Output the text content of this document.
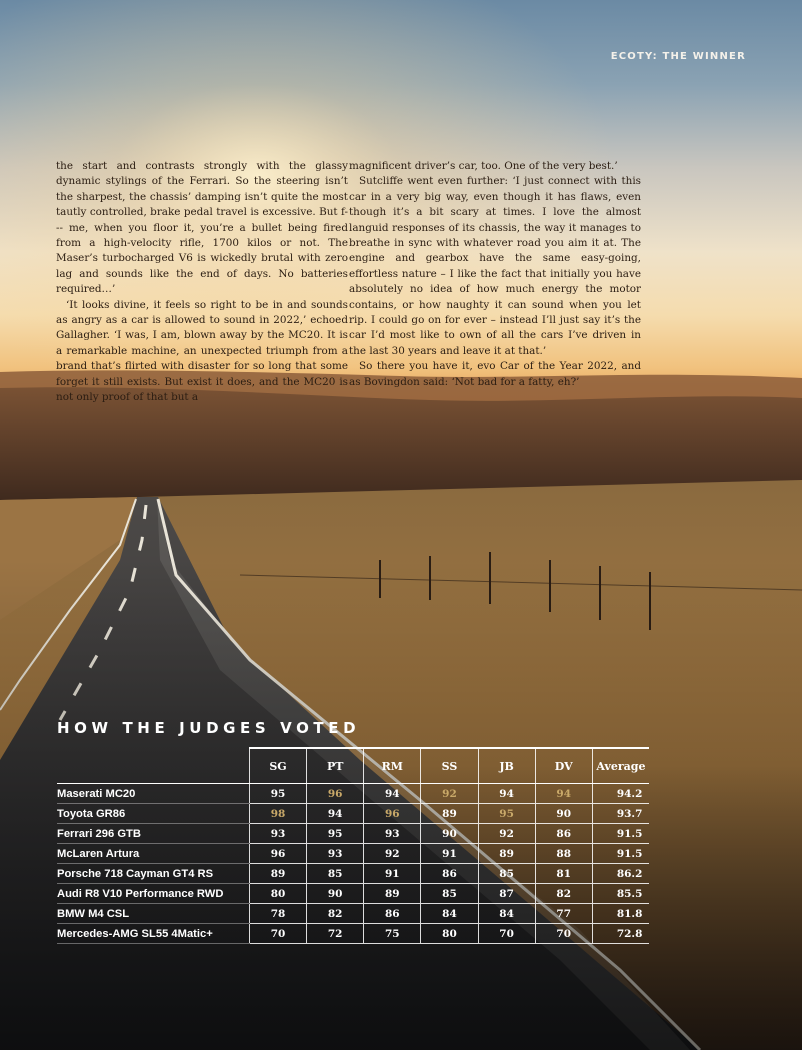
ECOTY: THE WINNER

the start and contrasts strongly with the glassy dynamic stylings of the Ferrari. So the steering isn’t the sharpest, the chassis’ damping isn’t quite the most tautly controlled, brake pedal travel is excessive. But f--- me, when you floor it, you’re a bullet being fired from a high-velocity rifle, 1700 kilos or not. The Maser’s turbocharged V6 is wickedly brutal with zero lag and sounds like the end of days. No batteries required…’

‘It looks divine, it feels so right to be in and sounds as angry as a car is allowed to sound in 2022,’ echoed Gallagher. ‘I was, I am, blown away by the MC20. It is a remarkable machine, an unexpected triumph from a brand that’s flirted with disaster for so long that some forget it still exists. But exist it does, and the MC20 is not only proof of that but a

magnificent driver’s car, too. One of the very best.’

Sutcliffe went even further: ‘I just connect with this car in a very big way, even though it has flaws, even though it’s a bit scary at times. I love the almost languid responses of its chassis, the way it manages to breathe in sync with whatever road you aim it at. The engine and gearbox have the same easy-going, effortless nature – I like the fact that initially you have absolutely no idea of how much energy the motor contains, or how naughty it can sound when you let rip. I could go on for ever – instead I’ll just say it’s the car I’d most like to own of all the cars I’ve driven in the last 30 years and leave it at that.’

So there you have it, evo Car of the Year 2022, and as Bovingdon said: ‘Not bad for a fatty, eh?’

HOW THE JUDGES VOTED
	SG	PT	RM	SS	JB	DV	Average
Maserati MC20	95	96	94	92	94	94	94.2
Toyota GR86	98	94	96	89	95	90	93.7
Ferrari 296 GTB	93	95	93	90	92	86	91.5
McLaren Artura	96	93	92	91	89	88	91.5
Porsche 718 Cayman GT4 RS	89	85	91	86	85	81	86.2
Audi R8 V10 Performance RWD	80	90	89	85	87	82	85.5
BMW M4 CSL	78	82	86	84	84	77	81.8
Mercedes-AMG SL55 4Matic+	70	72	75	80	70	70	72.8
